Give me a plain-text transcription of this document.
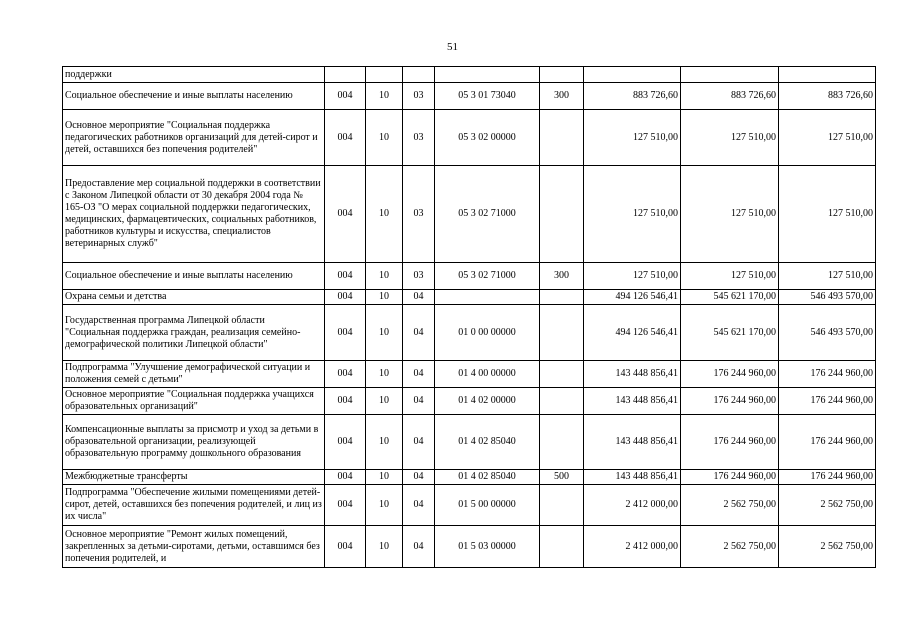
51
поддержки								
Социальное обеспечение и иные выплаты населению	004	10	03	05 3 01 73040	300	883 726,60	883 726,60	883 726,60
Основное мероприятие "Социальная поддержка педагогических работников организаций для детей-сирот и детей, оставшихся без попечения родителей"	004	10	03	05 3 02 00000		127 510,00	127 510,00	127 510,00
Предоставление мер социальной поддержки в соответствии с Законом Липецкой области от 30 декабря 2004 года № 165-ОЗ "О мерах социальной поддержки педагогических, медицинских, фармацевтических, социальных работников, работников культуры и искусства, специалистов ветеринарных служб"	004	10	03	05 3 02 71000		127 510,00	127 510,00	127 510,00
Социальное обеспечение и иные выплаты населению	004	10	03	05 3 02 71000	300	127 510,00	127 510,00	127 510,00
Охрана семьи и детства	004	10	04			494 126 546,41	545 621 170,00	546 493 570,00
Государственная программа Липецкой области "Социальная поддержка граждан, реализация семейно-демографической политики Липецкой области"	004	10	04	01 0 00 00000		494 126 546,41	545 621 170,00	546 493 570,00
Подпрограмма "Улучшение демографической ситуации и положения семей с детьми"	004	10	04	01 4 00 00000		143 448 856,41	176 244 960,00	176 244 960,00
Основное мероприятие "Социальная поддержка учащихся образовательных организаций"	004	10	04	01 4 02 00000		143 448 856,41	176 244 960,00	176 244 960,00
Компенсационные выплаты за присмотр и уход за детьми в образовательной организации, реализующей образовательную программу дошкольного образования	004	10	04	01 4 02 85040		143 448 856,41	176 244 960,00	176 244 960,00
Межбюджетные трансферты	004	10	04	01 4 02 85040	500	143 448 856,41	176 244 960,00	176 244 960,00
Подпрограмма "Обеспечение жилыми помещениями детей-сирот, детей, оставшихся без попечения родителей, и лиц из их числа"	004	10	04	01 5 00 00000		2 412 000,00	2 562 750,00	2 562 750,00
Основное мероприятие "Ремонт жилых помещений, закрепленных за детьми-сиротами, детьми, оставшимся без попечения родителей, и	004	10	04	01 5 03 00000		2 412 000,00	2 562 750,00	2 562 750,00
